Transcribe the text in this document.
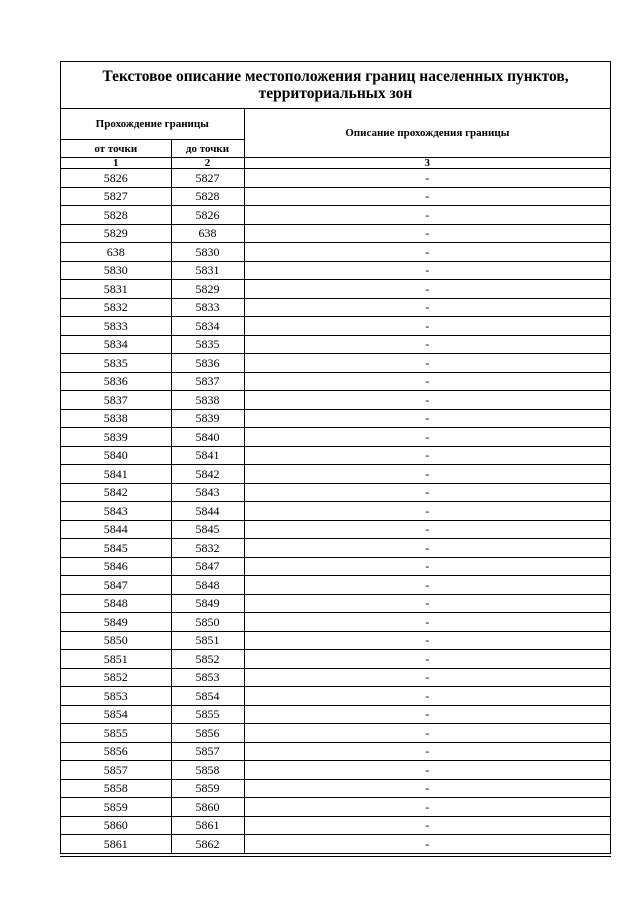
Текстовое описание местоположения границ населенных пунктов, территориальных зон
Прохождение границы		Описание прохождения границы
от точки	до точки	
1	2	3
5826	5827	-
5827	5828	-
5828	5826	-
5829	638	-
638	5830	-
5830	5831	-
5831	5829	-
5832	5833	-
5833	5834	-
5834	5835	-
5835	5836	-
5836	5837	-
5837	5838	-
5838	5839	-
5839	5840	-
5840	5841	-
5841	5842	-
5842	5843	-
5843	5844	-
5844	5845	-
5845	5832	-
5846	5847	-
5847	5848	-
5848	5849	-
5849	5850	-
5850	5851	-
5851	5852	-
5852	5853	-
5853	5854	-
5854	5855	-
5855	5856	-
5856	5857	-
5857	5858	-
5858	5859	-
5859	5860	-
5860	5861	-
5861	5862	-
